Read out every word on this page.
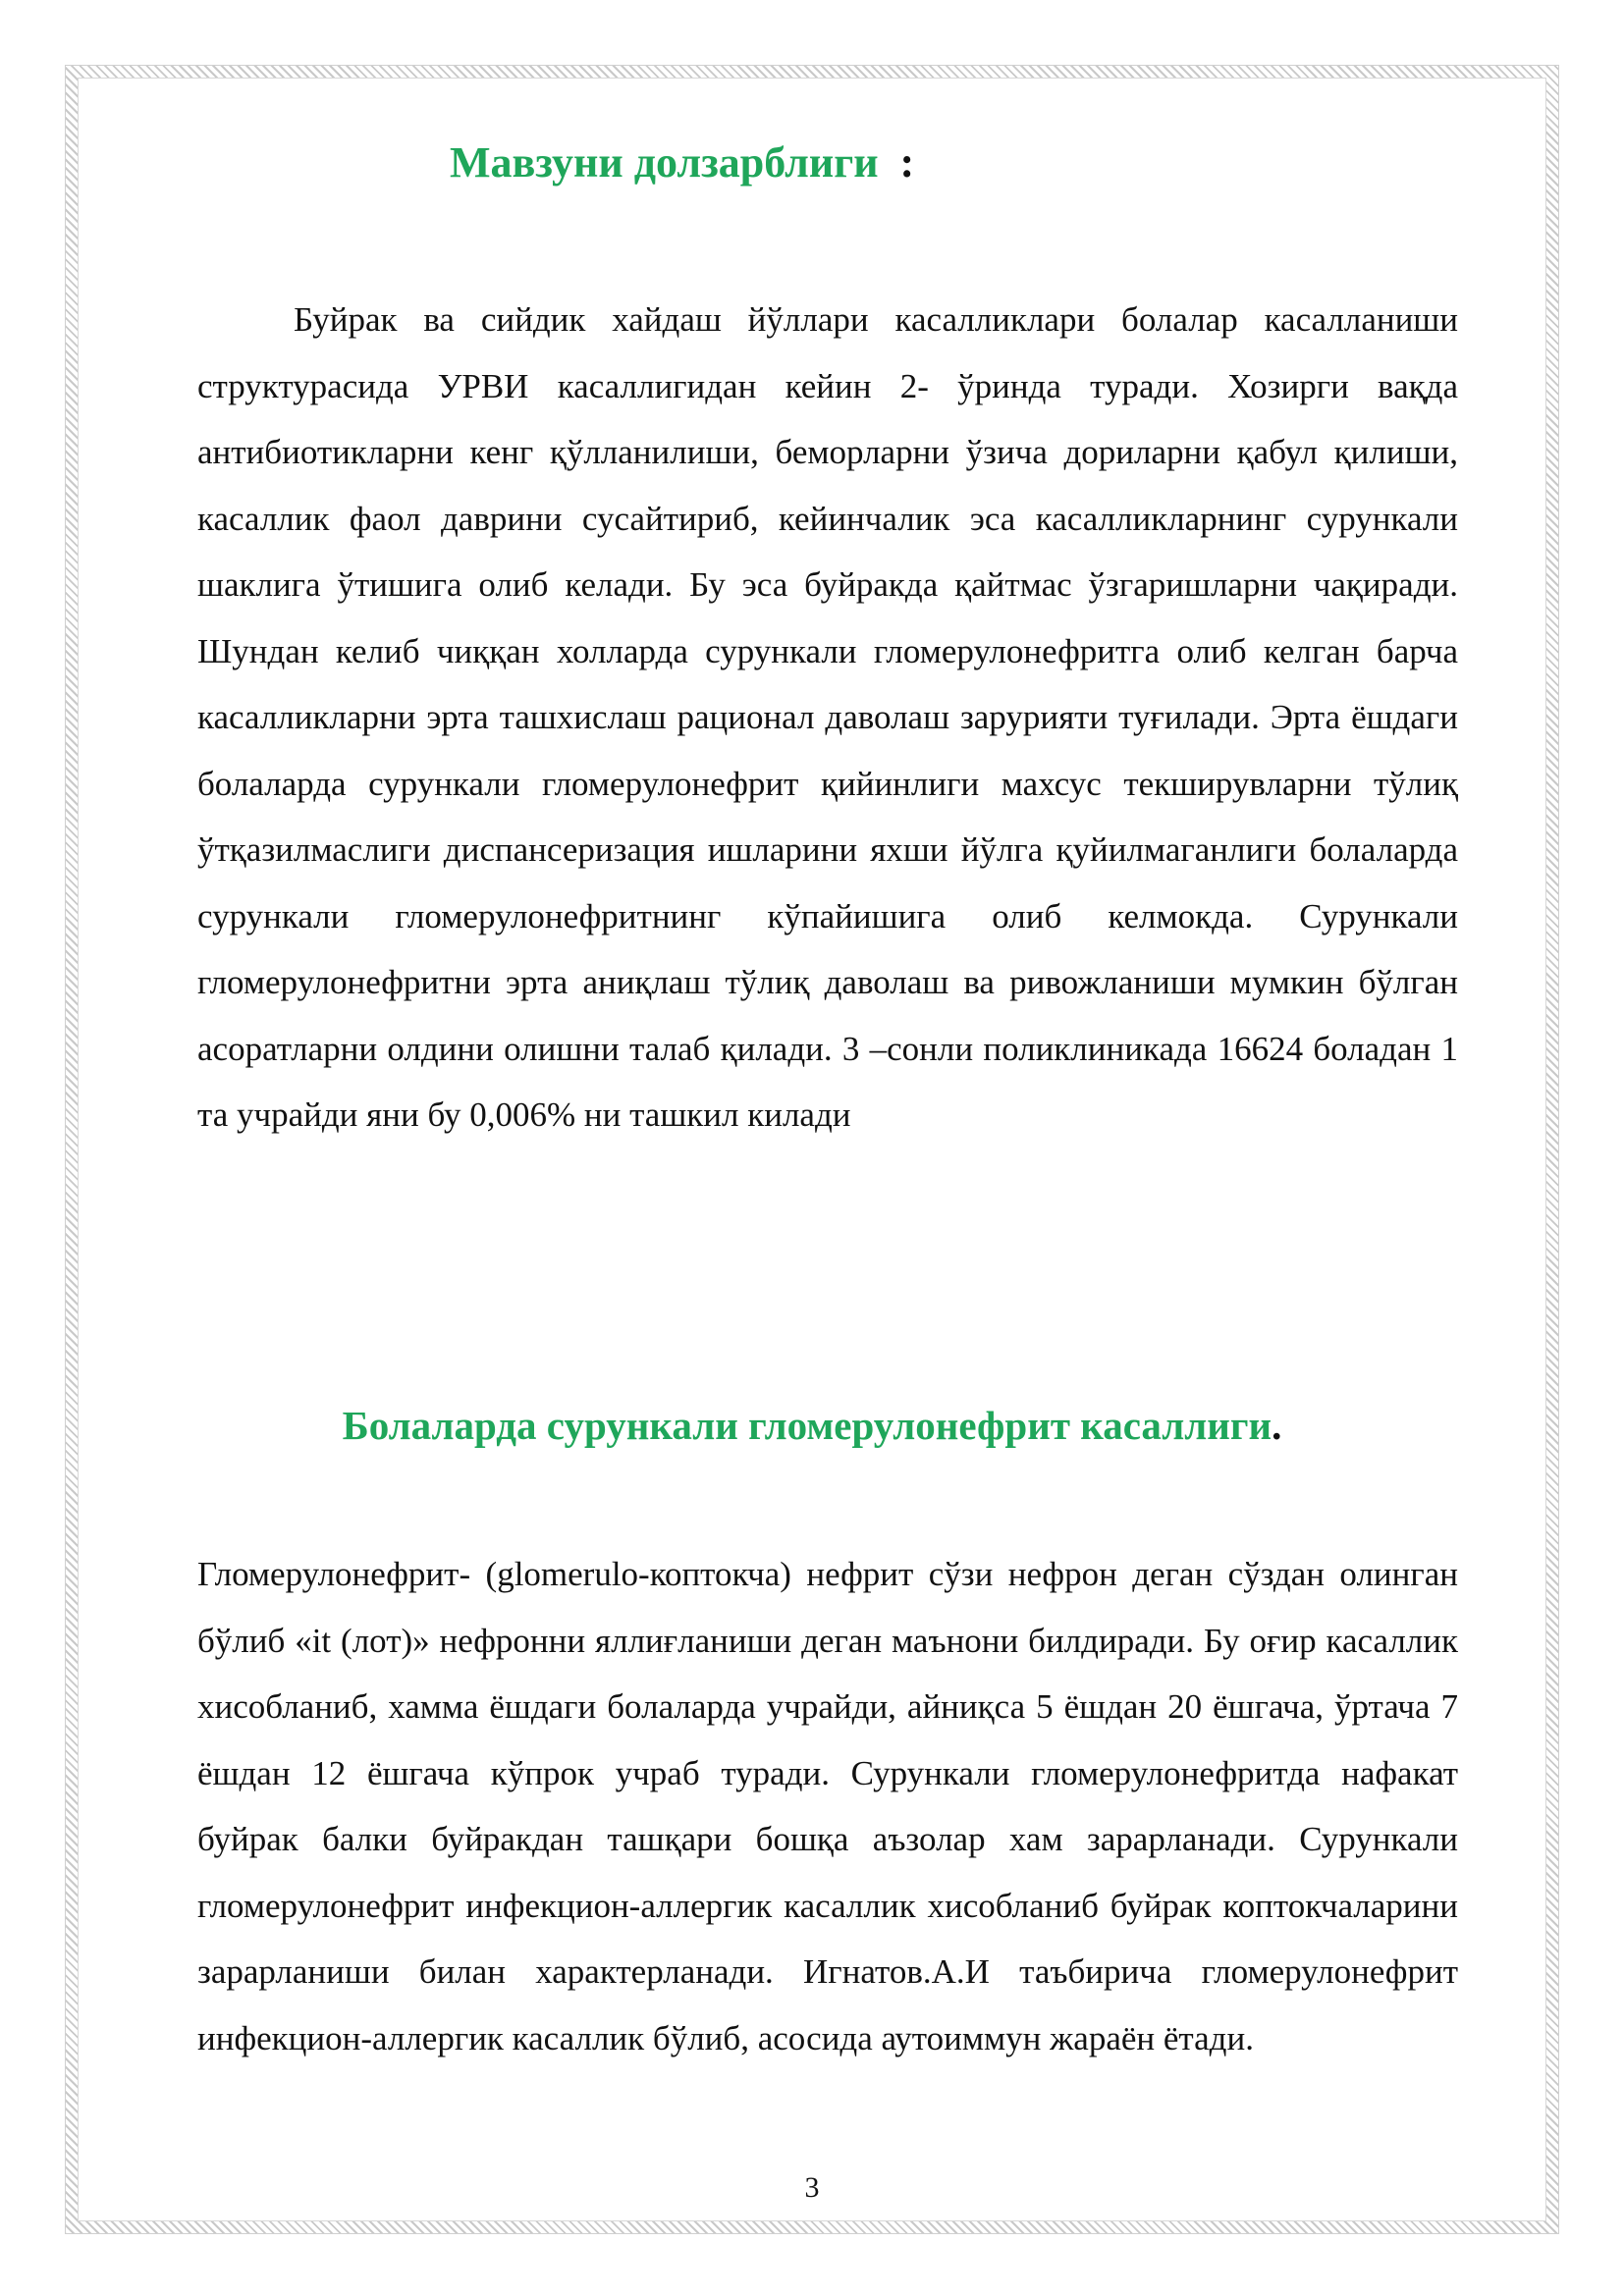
Мавзуни долзарблиги :

Буйрак ва сийдик хайдаш йўллари касалликлари болалар касалланиши структурасида УРВИ касаллигидан кейин 2- ўринда туради. Хозирги вақда антибиотикларни кенг қўлланилиши, беморларни ўзича дориларни қабул қилиши, касаллик фаол даврини сусайтириб, кейинчалик эса касалликларнинг сурункали шаклига ўтишига олиб келади. Бу эса буйракда қайтмас ўзгаришларни чақиради. Шундан келиб чиққан холларда сурункали гломерулонефритга олиб келган барча касалликларни эрта ташхислаш рационал даволаш зарурияти туғилади. Эрта ёшдаги болаларда сурункали гломерулонефрит қийинлиги махсус текширувларни тўлиқ ўтқазилмаслиги диспансеризация ишларини яхши йўлга қуйилмаганлиги болаларда сурункали гломерулонефритнинг кўпайишига олиб келмокда. Сурункали гломерулонефритни эрта аниқлаш тўлиқ даволаш ва ривожланиши мумкин бўлган асоратларни олдини олишни талаб қилади. 3 –сонли поликлиникада 16624 боладан 1 та учрайди яни бу 0,006% ни ташкил килади

Болаларда сурункали гломерулонефрит касаллиги.

Гломерулонефрит- (glomerulo-коптокча) нефрит сўзи нефрон деган сўздан олинган бўлиб «it (лот)» нефронни яллиғланиши деган маънони билдиради. Бу оғир касаллик хисобланиб, хамма ёшдаги болаларда учрайди, айниқса 5 ёшдан 20 ёшгача, ўртача 7 ёшдан 12 ёшгача кўпрок учраб туради. Сурункали гломерулонефритда нафакат буйрак балки буйракдан ташқари бошқа аъзолар хам зарарланади. Сурункали гломерулонефрит инфекцион-аллергик касаллик хисобланиб буйрак коптокчаларини зарарланиши билан характерланади. Игнатов.А.И таъбирича гломерулонефрит инфекцион-аллергик касаллик бўлиб, асосида аутоиммун жараён ётади.

3
